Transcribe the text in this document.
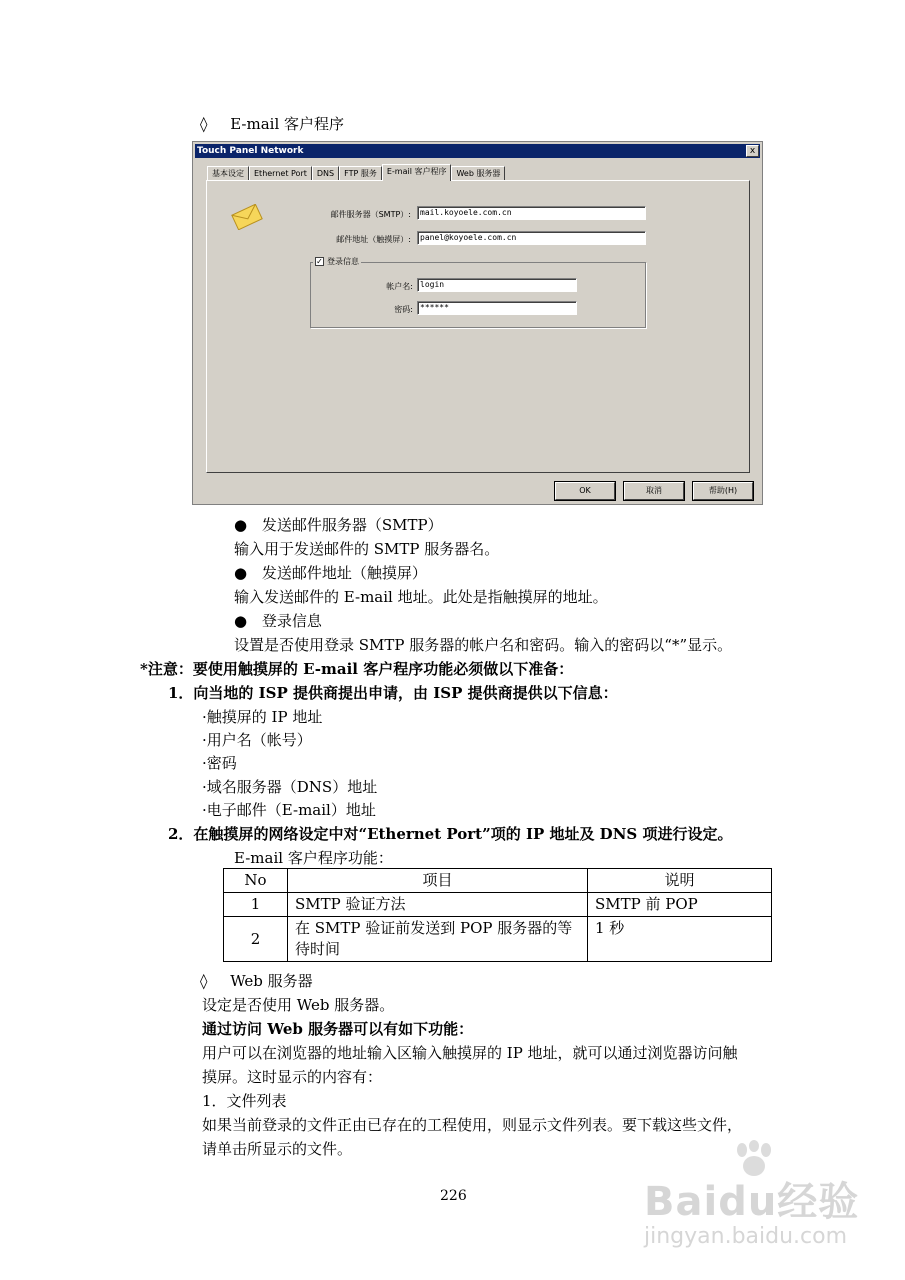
◊ E-mail 客户程序
Touch Panel Network	x
基本设定	Ethernet Port	DNS	FTP 服务	E-mail 客户程序	Web 服务器
邮件服务器（SMTP）:	mail.koyoele.com.cn
邮件地址（触摸屏）:	panel@koyoele.com.cn
✓ 登录信息
帐户名: login
密码: ******
OK	取消	帮助(H)
● 发送邮件服务器（SMTP）
输入用于发送邮件的 SMTP 服务器名。
● 发送邮件地址（触摸屏）
输入发送邮件的 E-mail 地址。此处是指触摸屏的地址。
● 登录信息
设置是否使用登录 SMTP 服务器的帐户名和密码。输入的密码以“*”显示。
*注意：要使用触摸屏的 E-mail 客户程序功能必须做以下准备：
1．向当地的 ISP 提供商提出申请，由 ISP 提供商提供以下信息：
·触摸屏的 IP 地址
·用户名（帐号）
·密码
·域名服务器（DNS）地址
·电子邮件（E-mail）地址
2．在触摸屏的网络设定中对“Ethernet Port”项的 IP 地址及 DNS 项进行设定。
E-mail 客户程序功能：
No	项目	说明
1	SMTP 验证方法	SMTP 前 POP
2	在 SMTP 验证前发送到 POP 服务器的等
待时间	1 秒
◊ Web 服务器
设定是否使用 Web 服务器。
通过访问 Web 服务器可以有如下功能：
用户可以在浏览器的地址输入区输入触摸屏的 IP 地址，就可以通过浏览器访问触
摸屏。这时显示的内容有：
1．文件列表
如果当前登录的文件正由已存在的工程使用，则显示文件列表。要下载这些文件，
请单击所显示的文件。
226	Baidu经验
jingyan.baidu.com
